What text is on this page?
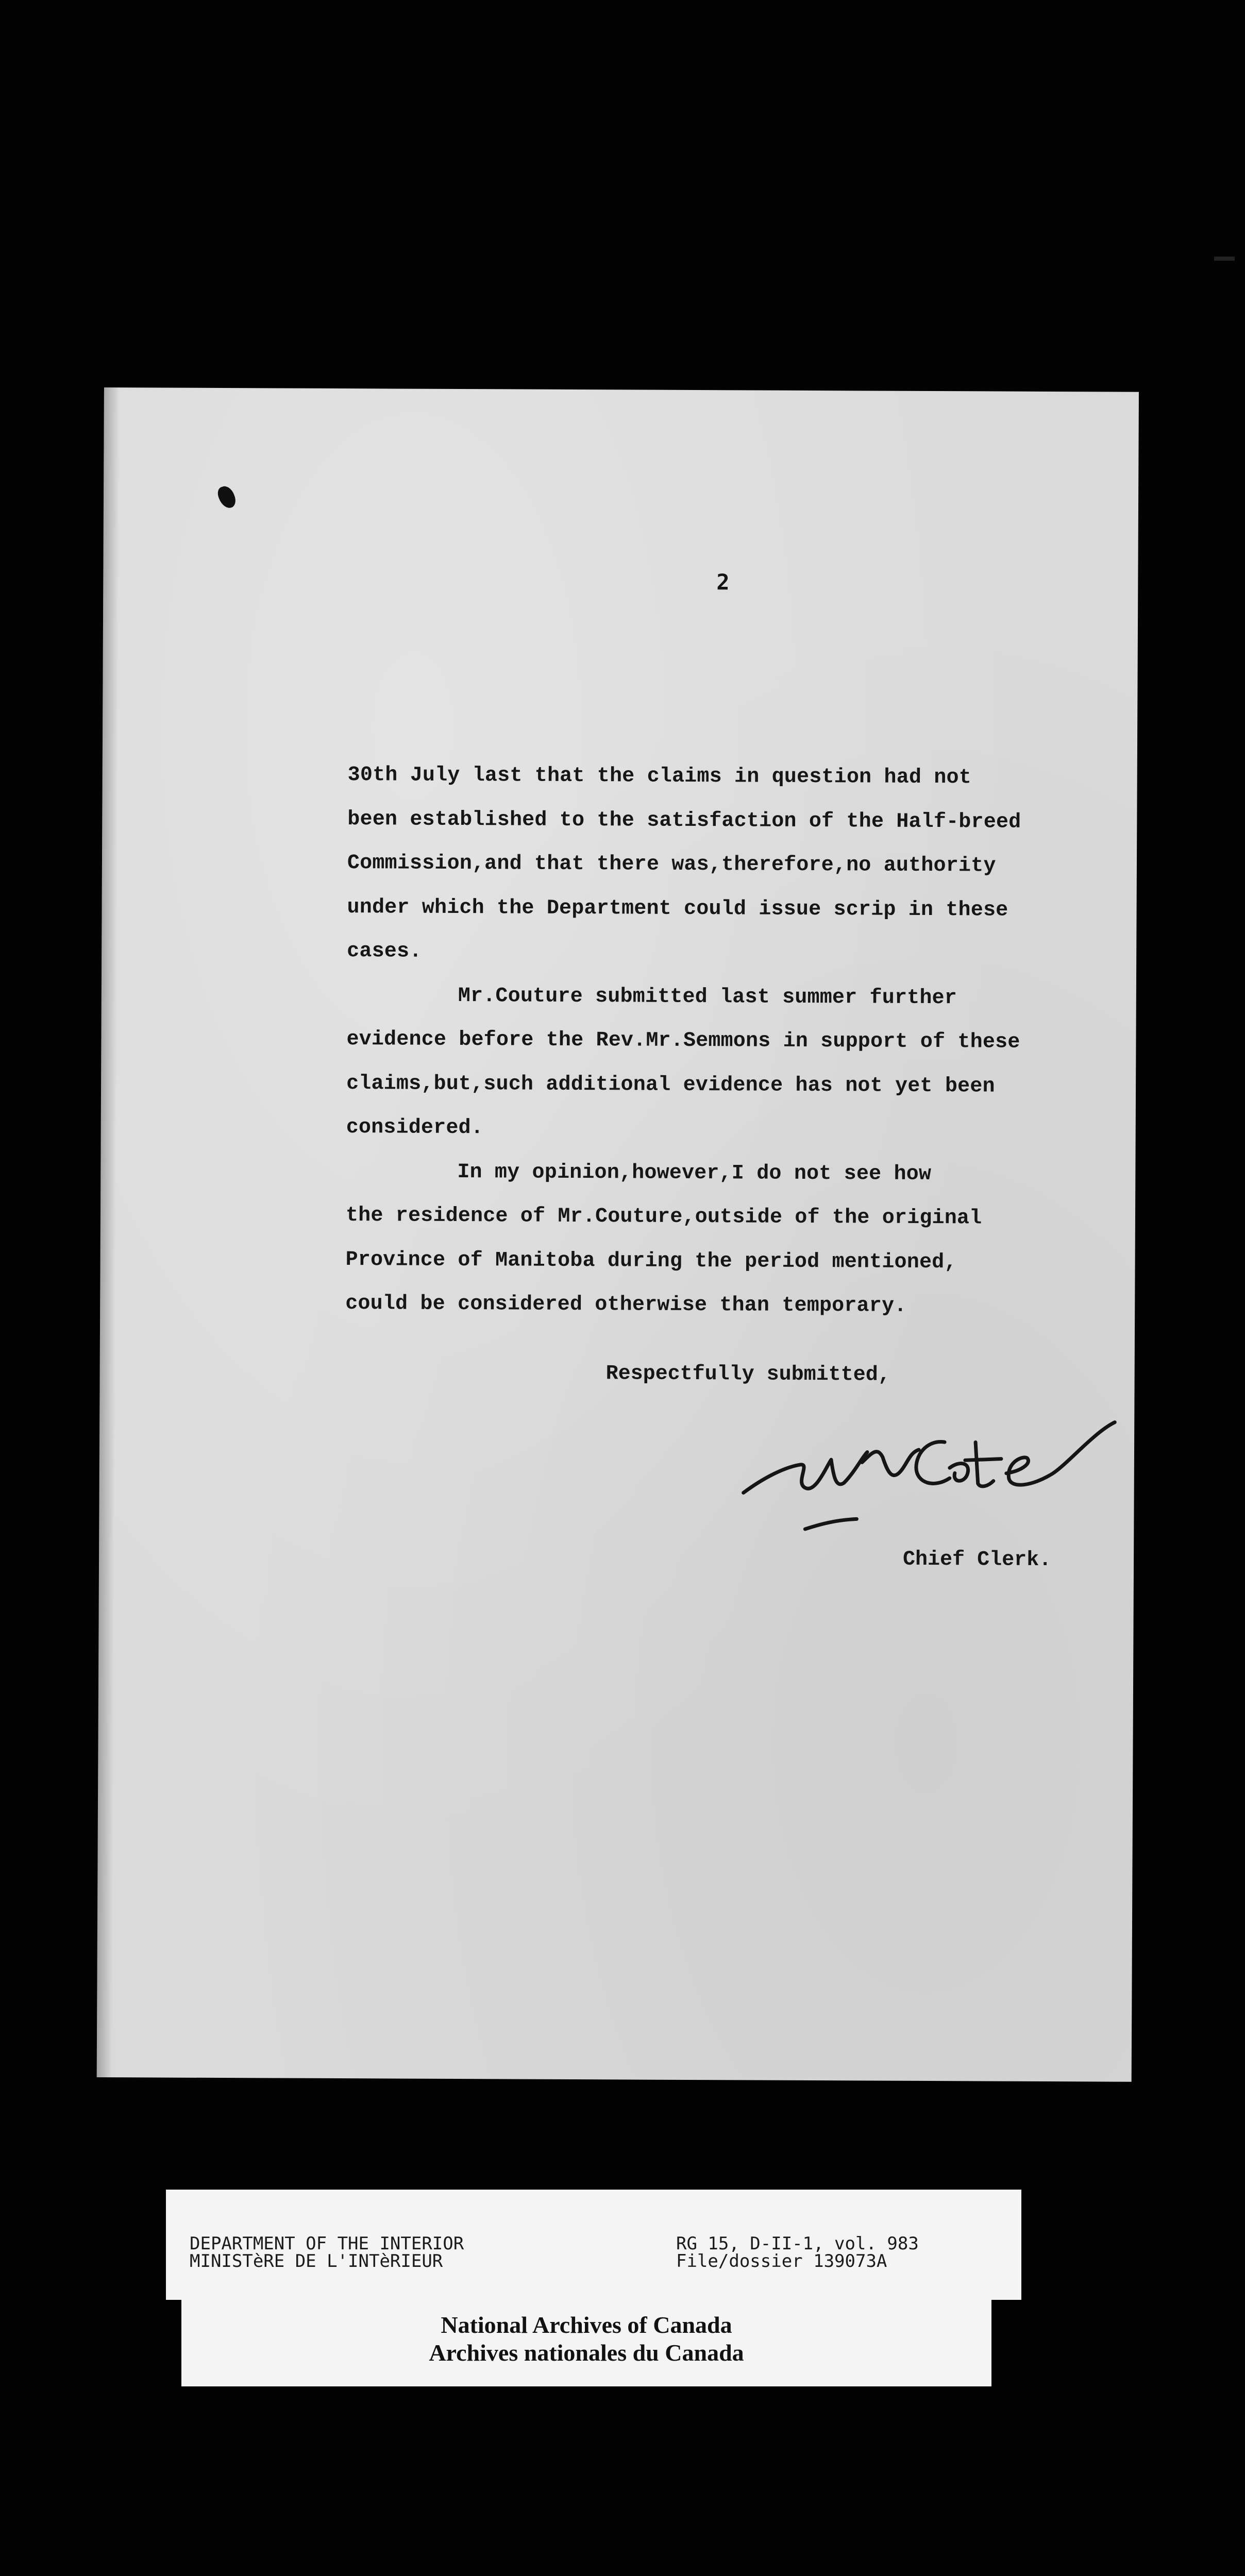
2
30th July last that the claims in question had not
been established to the satisfaction of the Half-breed
Commission,and that there was,therefore,no authority
under which the Department could issue scrip in these
cases.
Mr.Couture submitted last summer further
evidence before the Rev.Mr.Semmons in support of these
claims,but,such additional evidence has not yet been
considered.
In my opinion,however,I do not see how
the residence of Mr.Couture,outside of the original
Province of Manitoba during the period mentioned,
could be considered otherwise than temporary.
Respectfully submitted,
Chief Clerk.
DEPARTMENT OF THE INTERIOR
MINISTèRE DE L'INTèRIEUR
RG 15, D-II-1, vol. 983
File/dossier 139073A
National Archives of Canada
Archives nationales du Canada
